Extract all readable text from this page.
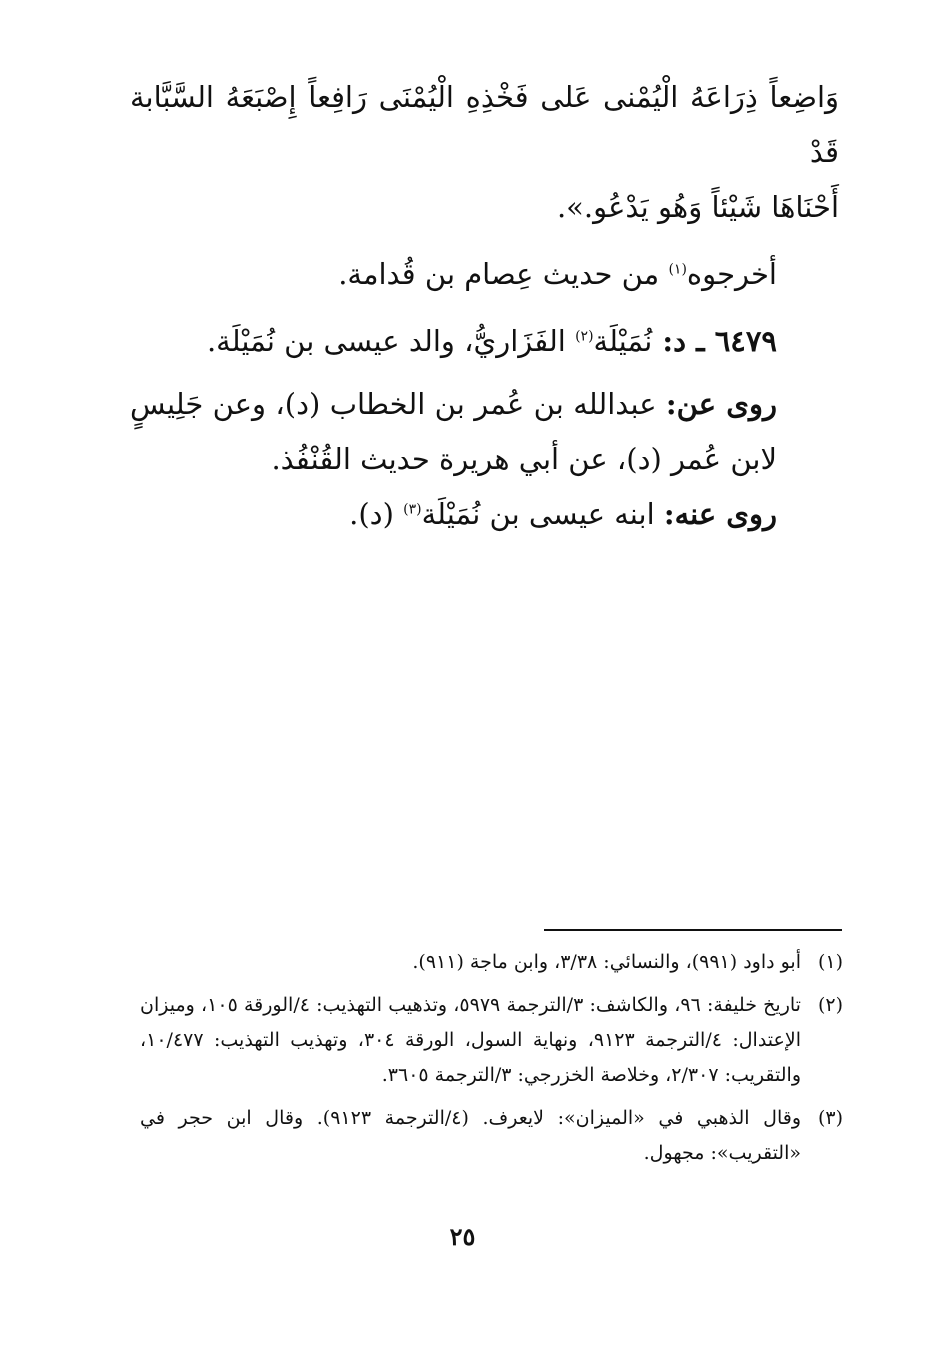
وَاضِعاً ذِرَاعَهُ الْيُمْنى عَلى فَخْذِهِ الْيُمْنَى رَافِعاً إِصْبَعَهُ السَّبَّابة قَدْ

أَحْنَاهَا شَيْئاً وَهُو يَدْعُو.».

أخرجوه$^{(١)}$ من حديث عِصام بن قُدامة.

٦٤٧٩ ـ د: نُمَيْلَة$^{(٢)}$ الفَزَاريُّ، والد عيسى بن نُمَيْلَة.

روى عن: عبدالله بن عُمر بن الخطاب (د)، وعن جَلِيسٍ لابن عُمر (د)، عن أبي هريرة حديث القُنْفُذ.

روى عنه: ابنه عيسى بن نُمَيْلَة$^{(٣)}$ (د).

(١)
أبو داود (٩٩١)، والنسائي: ٣/٣٨، وابن ماجة (٩١١).
(٢)
تاريخ خليفة: ٩٦، والكاشف: ٣/الترجمة ٥٩٧٩، وتذهيب التهذيب: ٤/الورقة ١٠٥، وميزان الإعتدال: ٤/الترجمة ٩١٢٣، ونهاية السول، الورقة ٣٠٤، وتهذيب التهذيب: ١٠/٤٧٧، والتقريب: ٢/٣٠٧، وخلاصة الخزرجي: ٣/الترجمة ٣٦٠٥.
(٣)
وقال الذهبي في «الميزان»: لايعرف. (٤/الترجمة ٩١٢٣). وقال ابن حجر في «التقريب»: مجهول.
٢٥
